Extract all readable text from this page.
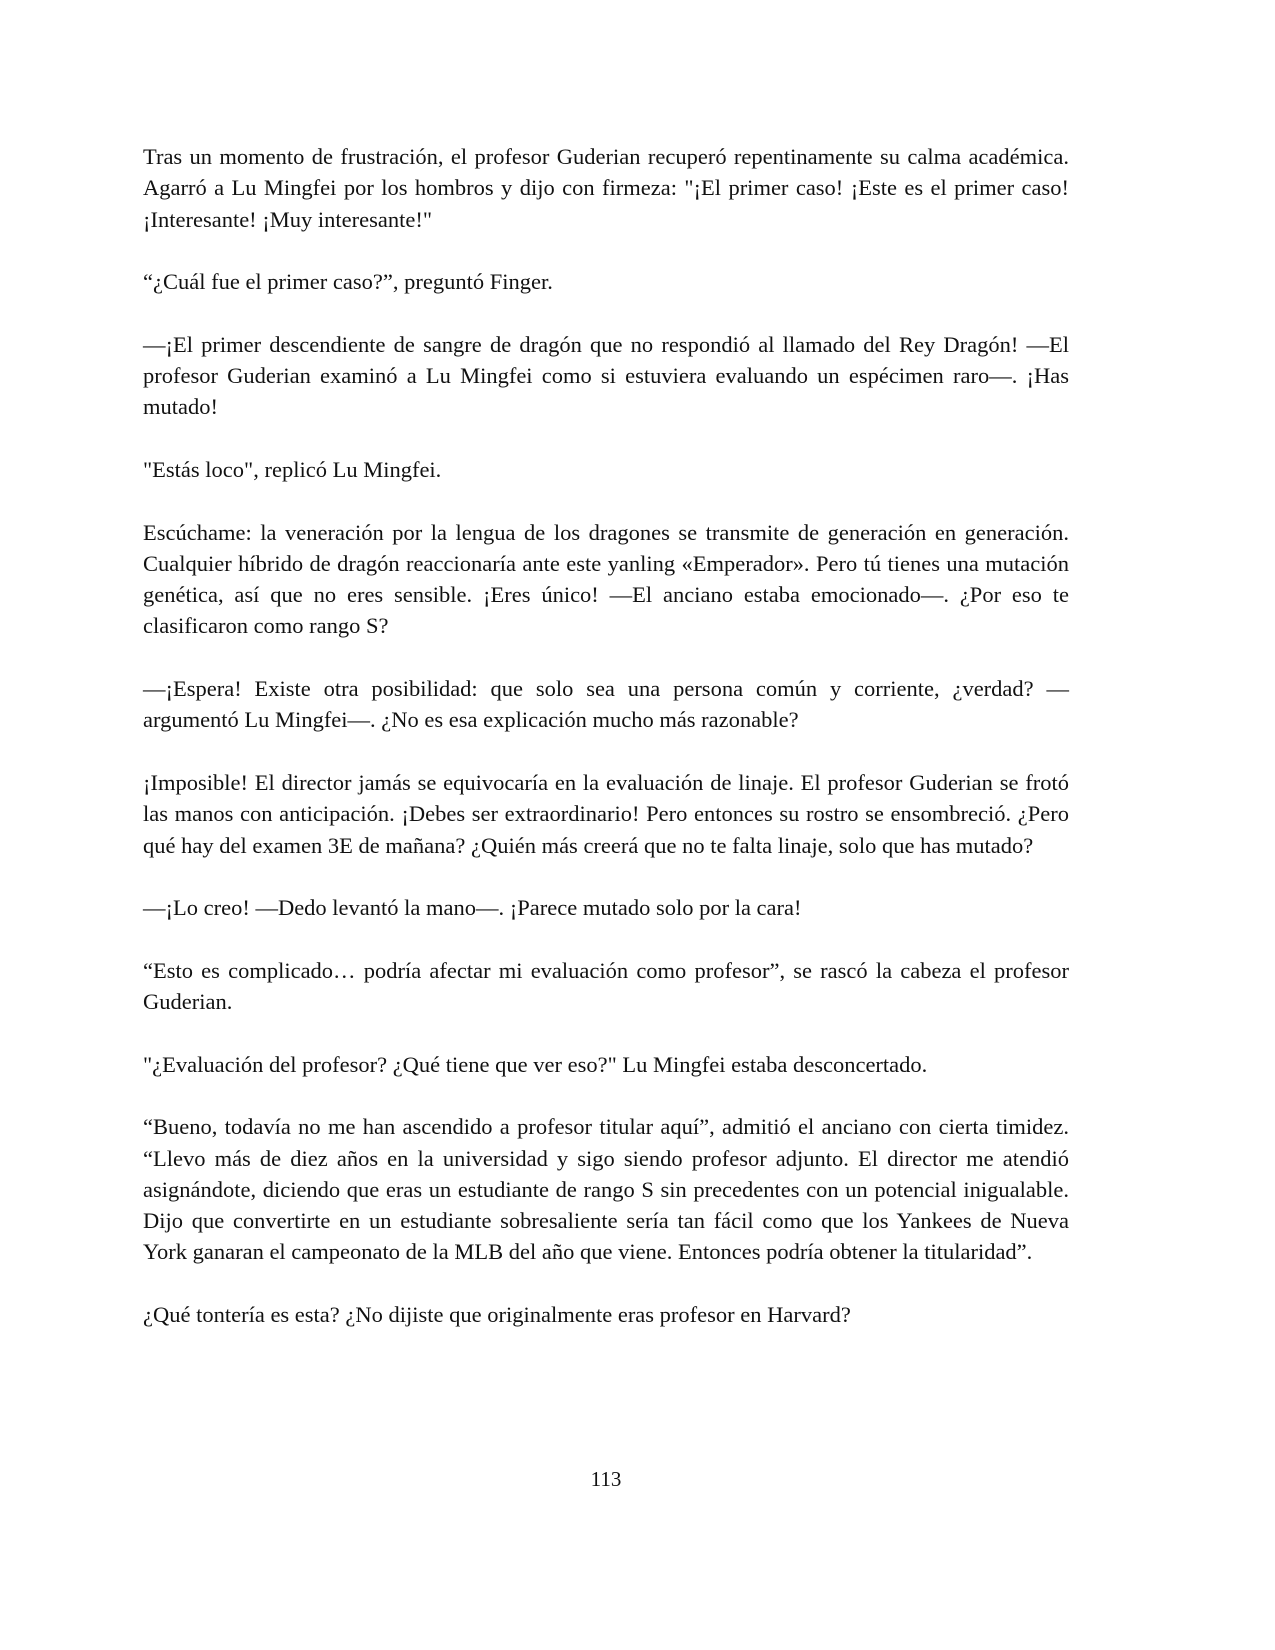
Tras un momento de frustración, el profesor Guderian recuperó repentinamente su calma académica. Agarró a Lu Mingfei por los hombros y dijo con firmeza: "¡El primer caso! ¡Este es el primer caso! ¡Interesante! ¡Muy interesante!"

“¿Cuál fue el primer caso?”, preguntó Finger.

—¡El primer descendiente de sangre de dragón que no respondió al llamado del Rey Dragón! —El profesor Guderian examinó a Lu Mingfei como si estuviera evaluando un espécimen raro—. ¡Has mutado!

"Estás loco", replicó Lu Mingfei.

Escúchame: la veneración por la lengua de los dragones se transmite de generación en generación. Cualquier híbrido de dragón reaccionaría ante este yanling «Emperador». Pero tú tienes una mutación genética, así que no eres sensible. ¡Eres único! —El anciano estaba emocionado—. ¿Por eso te clasificaron como rango S?

—¡Espera! Existe otra posibilidad: que solo sea una persona común y corriente, ¿verdad? —argumentó Lu Mingfei—. ¿No es esa explicación mucho más razonable?

¡Imposible! El director jamás se equivocaría en la evaluación de linaje. El profesor Guderian se frotó las manos con anticipación. ¡Debes ser extraordinario! Pero entonces su rostro se ensombreció. ¿Pero qué hay del examen 3E de mañana? ¿Quién más creerá que no te falta linaje, solo que has mutado?

—¡Lo creo! —Dedo levantó la mano—. ¡Parece mutado solo por la cara!

“Esto es complicado… podría afectar mi evaluación como profesor”, se rascó la cabeza el profesor Guderian.

"¿Evaluación del profesor? ¿Qué tiene que ver eso?" Lu Mingfei estaba desconcertado.

“Bueno, todavía no me han ascendido a profesor titular aquí”, admitió el anciano con cierta timidez. “Llevo más de diez años en la universidad y sigo siendo profesor adjunto. El director me atendió asignándote, diciendo que eras un estudiante de rango S sin precedentes con un potencial inigualable. Dijo que convertirte en un estudiante sobresaliente sería tan fácil como que los Yankees de Nueva York ganaran el campeonato de la MLB del año que viene. Entonces podría obtener la titularidad”.

¿Qué tontería es esta? ¿No dijiste que originalmente eras profesor en Harvard?

113
